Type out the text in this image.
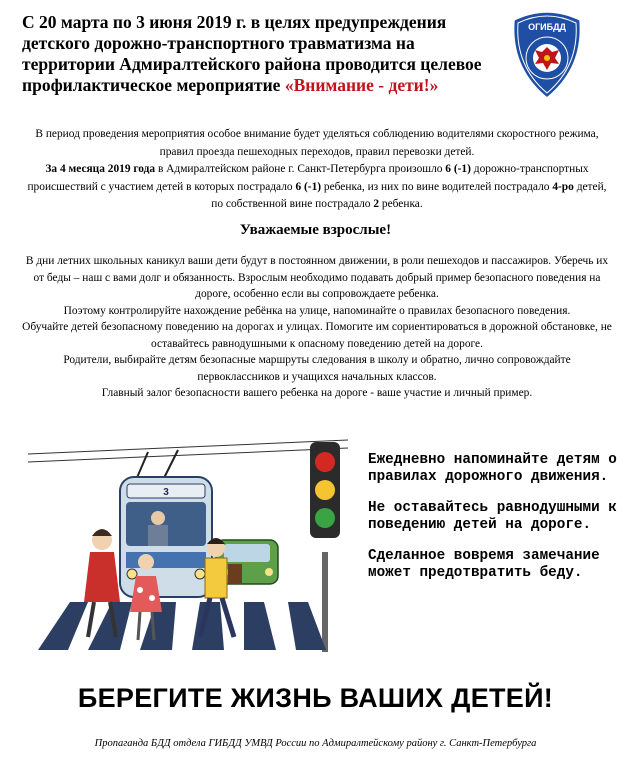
С 20 марта по 3 июня 2019 г. в целях предупреждения детского дорожно-транспортного травматизма на территории Адмиралтейского района проводится целевое профилактическое мероприятие «Внимание - дети!»
ОГИБДД
В период проведения мероприятия особое внимание будет уделяться соблюдению водителями скоростного режима, правил проезда пешеходных переходов, правил перевозки детей.
За 4 месяца 2019 года в Адмиралтейском районе г. Санкт-Петербурга произошло 6 (-1) дорожно-транспортных происшествий с участием детей в которых пострадало 6 (-1) ребенка, из них по вине водителей пострадало 4-ро детей, по собственной вине пострадало 2 ребенка.
Уважаемые взрослые!
В дни летних школьных каникул ваши дети будут в постоянном движении, в роли пешеходов и пассажиров. Уберечь их от беды – наш с вами долг и обязанность. Взрослым необходимо подавать добрый пример безопасного поведения на дороге, особенно если вы сопровождаете ребенка.
Поэтому контролируйте нахождение ребёнка на улице, напоминайте о правилах безопасного поведения.
Обучайте детей безопасному поведению на дорогах и улицах. Помогите им сориентироваться в дорожной обстановке, не оставайтесь равнодушными к опасному поведению детей на дороге.
Родители, выбирайте детям безопасные маршруты следования в школу и обратно, лично сопровождайте первоклассников и учащихся начальных классов.
Главный залог безопасности вашего ребенка на дороге - ваше участие и личный пример.
3

Ежедневно напоминайте детям о правилах дорожного движения.

Не оставайтесь равнодушными к поведению детей на дороге.

Сделанное вовремя замечание может предотвратить беду.

БЕРЕГИТЕ ЖИЗНЬ ВАШИХ ДЕТЕЙ!
Пропаганда БДД отдела ГИБДД УМВД России по Адмиралтейскому району г. Санкт-Петербурга
